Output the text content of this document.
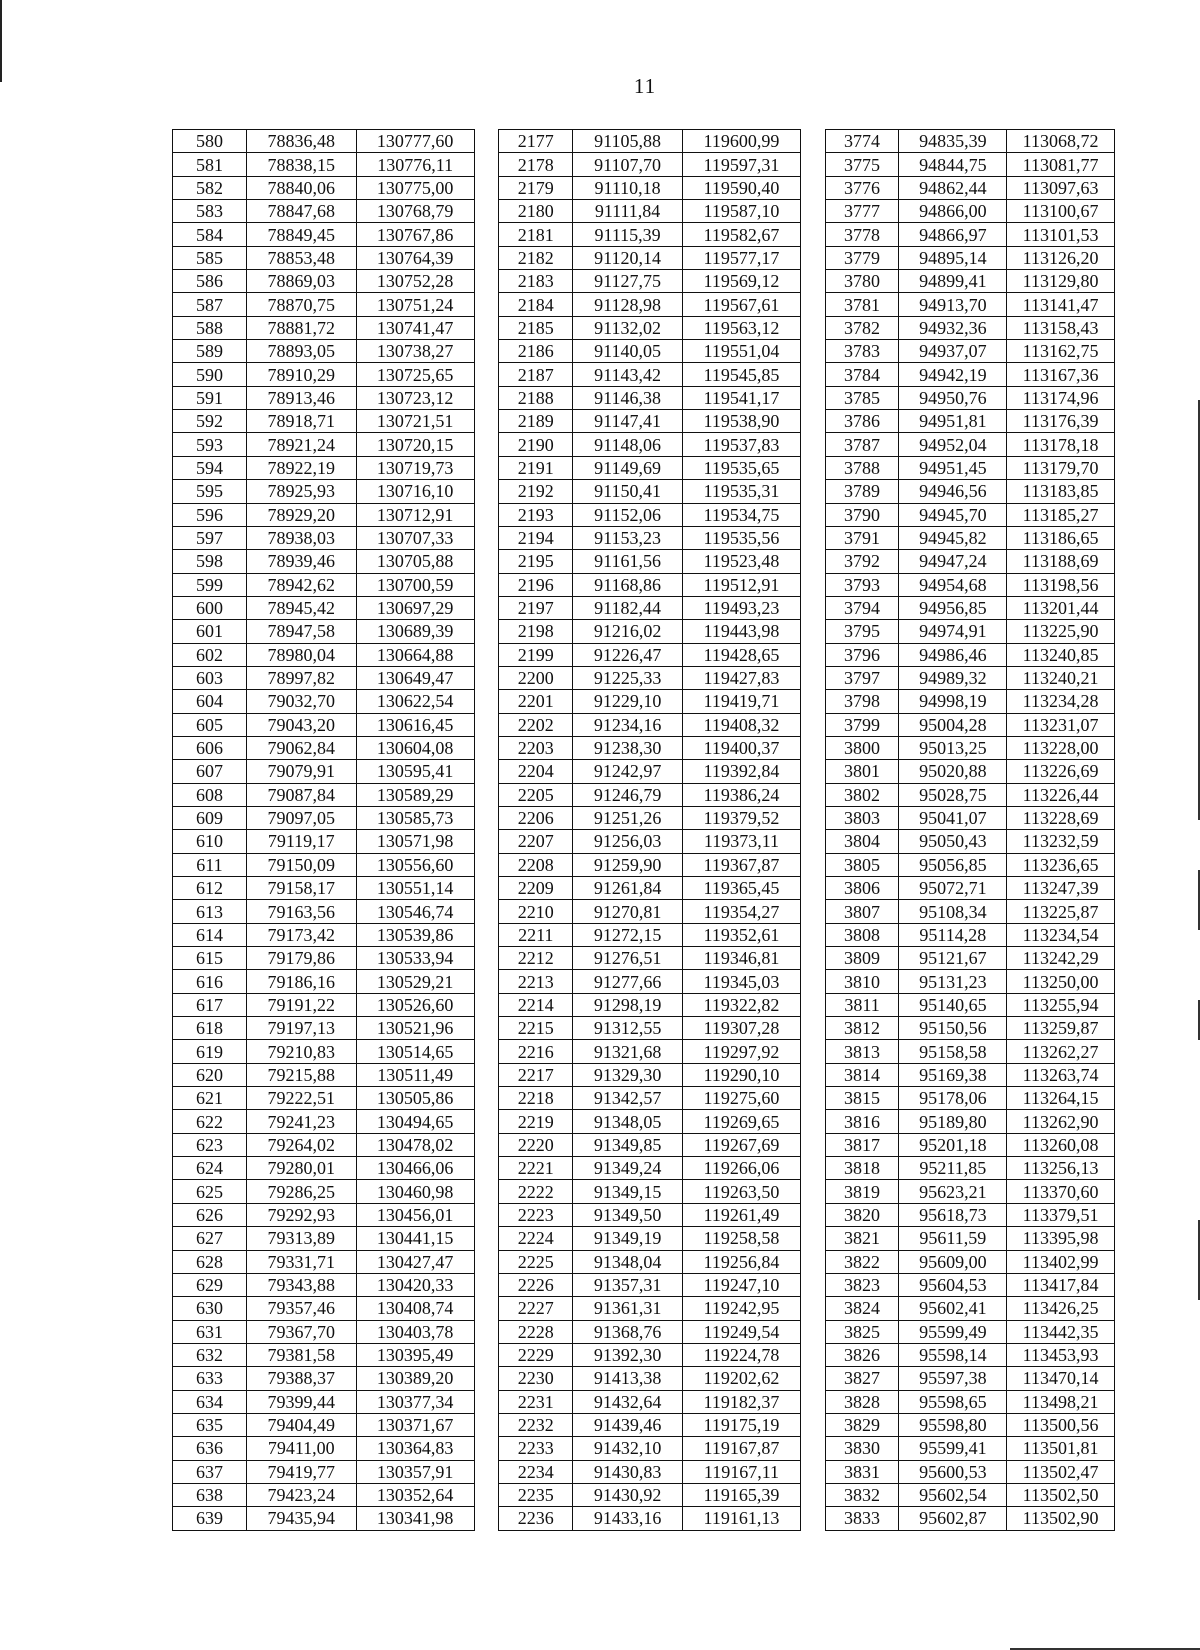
11
580	78836,48	130777,60		2177	91105,88	119600,99		3774	94835,39	113068,72
581	78838,15	130776,11		2178	91107,70	119597,31		3775	94844,75	113081,77
582	78840,06	130775,00		2179	91110,18	119590,40		3776	94862,44	113097,63
583	78847,68	130768,79		2180	91111,84	119587,10		3777	94866,00	113100,67
584	78849,45	130767,86		2181	91115,39	119582,67		3778	94866,97	113101,53
585	78853,48	130764,39		2182	91120,14	119577,17		3779	94895,14	113126,20
586	78869,03	130752,28		2183	91127,75	119569,12		3780	94899,41	113129,80
587	78870,75	130751,24		2184	91128,98	119567,61		3781	94913,70	113141,47
588	78881,72	130741,47		2185	91132,02	119563,12		3782	94932,36	113158,43
589	78893,05	130738,27		2186	91140,05	119551,04		3783	94937,07	113162,75
590	78910,29	130725,65		2187	91143,42	119545,85		3784	94942,19	113167,36
591	78913,46	130723,12		2188	91146,38	119541,17		3785	94950,76	113174,96
592	78918,71	130721,51		2189	91147,41	119538,90		3786	94951,81	113176,39
593	78921,24	130720,15		2190	91148,06	119537,83		3787	94952,04	113178,18
594	78922,19	130719,73		2191	91149,69	119535,65		3788	94951,45	113179,70
595	78925,93	130716,10		2192	91150,41	119535,31		3789	94946,56	113183,85
596	78929,20	130712,91		2193	91152,06	119534,75		3790	94945,70	113185,27
597	78938,03	130707,33		2194	91153,23	119535,56		3791	94945,82	113186,65
598	78939,46	130705,88		2195	91161,56	119523,48		3792	94947,24	113188,69
599	78942,62	130700,59		2196	91168,86	119512,91		3793	94954,68	113198,56
600	78945,42	130697,29		2197	91182,44	119493,23		3794	94956,85	113201,44
601	78947,58	130689,39		2198	91216,02	119443,98		3795	94974,91	113225,90
602	78980,04	130664,88		2199	91226,47	119428,65		3796	94986,46	113240,85
603	78997,82	130649,47		2200	91225,33	119427,83		3797	94989,32	113240,21
604	79032,70	130622,54		2201	91229,10	119419,71		3798	94998,19	113234,28
605	79043,20	130616,45		2202	91234,16	119408,32		3799	95004,28	113231,07
606	79062,84	130604,08		2203	91238,30	119400,37		3800	95013,25	113228,00
607	79079,91	130595,41		2204	91242,97	119392,84		3801	95020,88	113226,69
608	79087,84	130589,29		2205	91246,79	119386,24		3802	95028,75	113226,44
609	79097,05	130585,73		2206	91251,26	119379,52		3803	95041,07	113228,69
610	79119,17	130571,98		2207	91256,03	119373,11		3804	95050,43	113232,59
611	79150,09	130556,60		2208	91259,90	119367,87		3805	95056,85	113236,65
612	79158,17	130551,14		2209	91261,84	119365,45		3806	95072,71	113247,39
613	79163,56	130546,74		2210	91270,81	119354,27		3807	95108,34	113225,87
614	79173,42	130539,86		2211	91272,15	119352,61		3808	95114,28	113234,54
615	79179,86	130533,94		2212	91276,51	119346,81		3809	95121,67	113242,29
616	79186,16	130529,21		2213	91277,66	119345,03		3810	95131,23	113250,00
617	79191,22	130526,60		2214	91298,19	119322,82		3811	95140,65	113255,94
618	79197,13	130521,96		2215	91312,55	119307,28		3812	95150,56	113259,87
619	79210,83	130514,65		2216	91321,68	119297,92		3813	95158,58	113262,27
620	79215,88	130511,49		2217	91329,30	119290,10		3814	95169,38	113263,74
621	79222,51	130505,86		2218	91342,57	119275,60		3815	95178,06	113264,15
622	79241,23	130494,65		2219	91348,05	119269,65		3816	95189,80	113262,90
623	79264,02	130478,02		2220	91349,85	119267,69		3817	95201,18	113260,08
624	79280,01	130466,06		2221	91349,24	119266,06		3818	95211,85	113256,13
625	79286,25	130460,98		2222	91349,15	119263,50		3819	95623,21	113370,60
626	79292,93	130456,01		2223	91349,50	119261,49		3820	95618,73	113379,51
627	79313,89	130441,15		2224	91349,19	119258,58		3821	95611,59	113395,98
628	79331,71	130427,47		2225	91348,04	119256,84		3822	95609,00	113402,99
629	79343,88	130420,33		2226	91357,31	119247,10		3823	95604,53	113417,84
630	79357,46	130408,74		2227	91361,31	119242,95		3824	95602,41	113426,25
631	79367,70	130403,78		2228	91368,76	119249,54		3825	95599,49	113442,35
632	79381,58	130395,49		2229	91392,30	119224,78		3826	95598,14	113453,93
633	79388,37	130389,20		2230	91413,38	119202,62		3827	95597,38	113470,14
634	79399,44	130377,34		2231	91432,64	119182,37		3828	95598,65	113498,21
635	79404,49	130371,67		2232	91439,46	119175,19		3829	95598,80	113500,56
636	79411,00	130364,83		2233	91432,10	119167,87		3830	95599,41	113501,81
637	79419,77	130357,91		2234	91430,83	119167,11		3831	95600,53	113502,47
638	79423,24	130352,64		2235	91430,92	119165,39		3832	95602,54	113502,50
639	79435,94	130341,98		2236	91433,16	119161,13		3833	95602,87	113502,90
